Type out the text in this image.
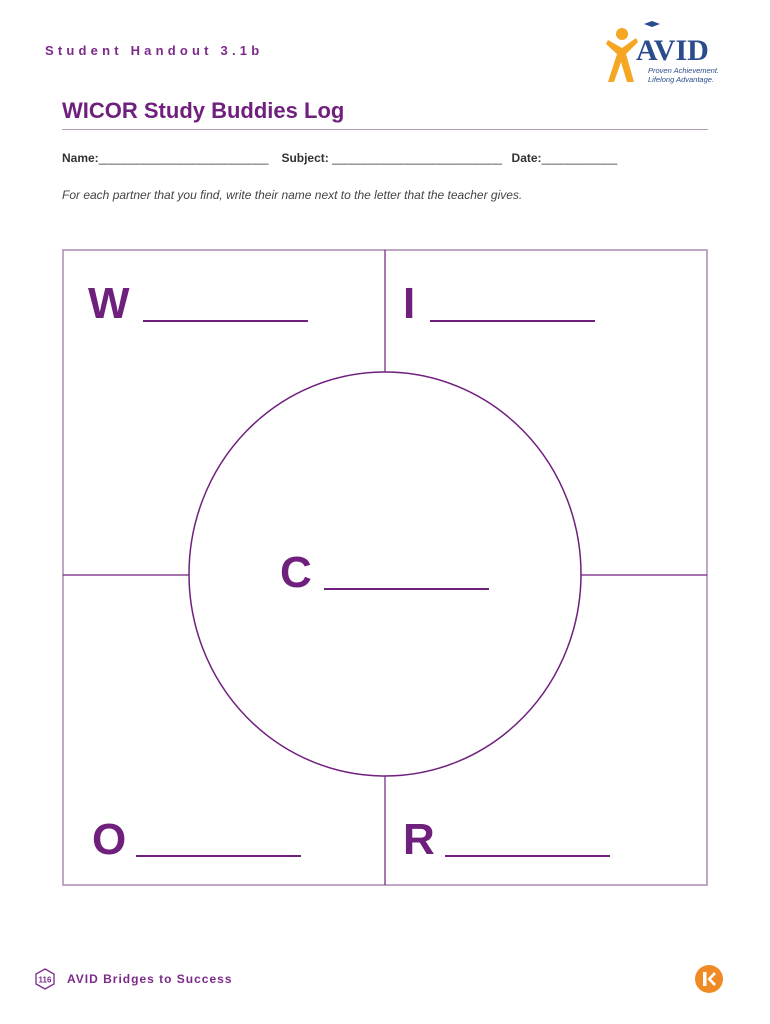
Student Handout 3.1b	AVID
Proven Achievement.
Lifelong Advantage.
WICOR Study Buddies Log
Name:___________________________ Subject: ___________________________ Date:____________
For each partner that you find, write their name next to the letter that the teacher gives.
W	I
C
O	R
116 AVID Bridges to Success
